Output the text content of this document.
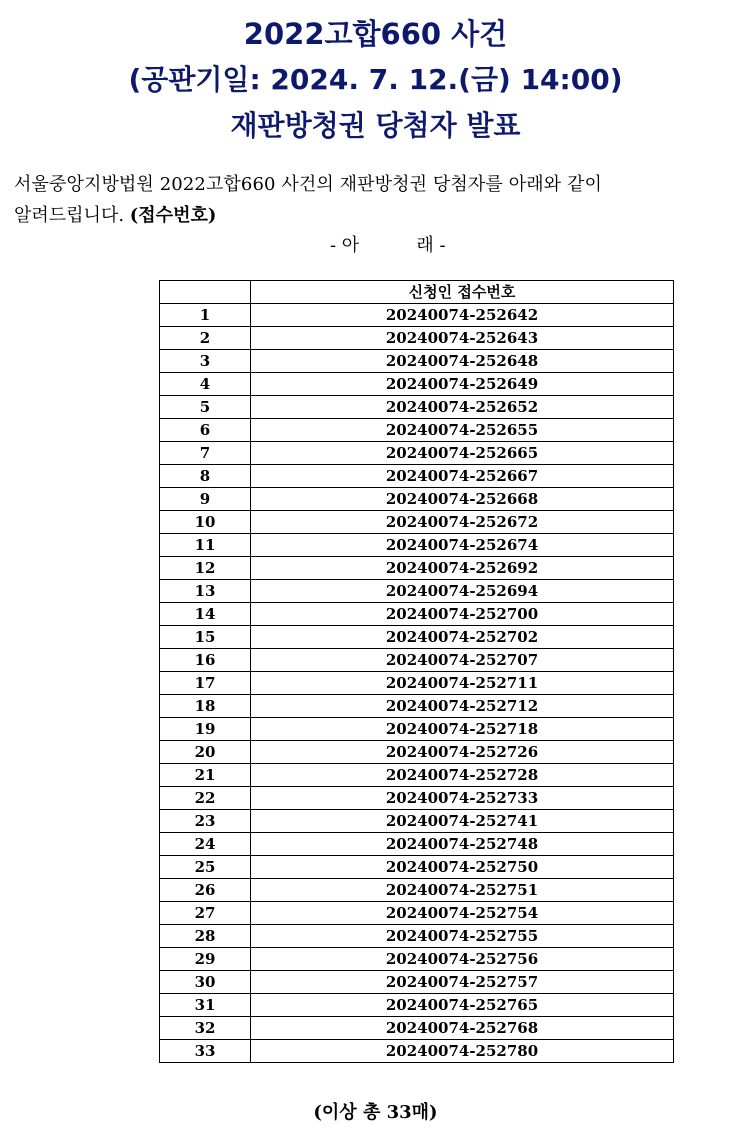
2022고합660 사건
(공판기일: 2024. 7. 12.(금) 14:00)
재판방청권 당첨자 발표
서울중앙지방법원 2022고합660 사건의 재판방청권 당첨자를 아래와 같이
알려드립니다. (접수번호)
- 아          래 -
	신청인 접수번호
1	20240074-252642
2	20240074-252643
3	20240074-252648
4	20240074-252649
5	20240074-252652
6	20240074-252655
7	20240074-252665
8	20240074-252667
9	20240074-252668
10	20240074-252672
11	20240074-252674
12	20240074-252692
13	20240074-252694
14	20240074-252700
15	20240074-252702
16	20240074-252707
17	20240074-252711
18	20240074-252712
19	20240074-252718
20	20240074-252726
21	20240074-252728
22	20240074-252733
23	20240074-252741
24	20240074-252748
25	20240074-252750
26	20240074-252751
27	20240074-252754
28	20240074-252755
29	20240074-252756
30	20240074-252757
31	20240074-252765
32	20240074-252768
33	20240074-252780
(이상 총 33매)
